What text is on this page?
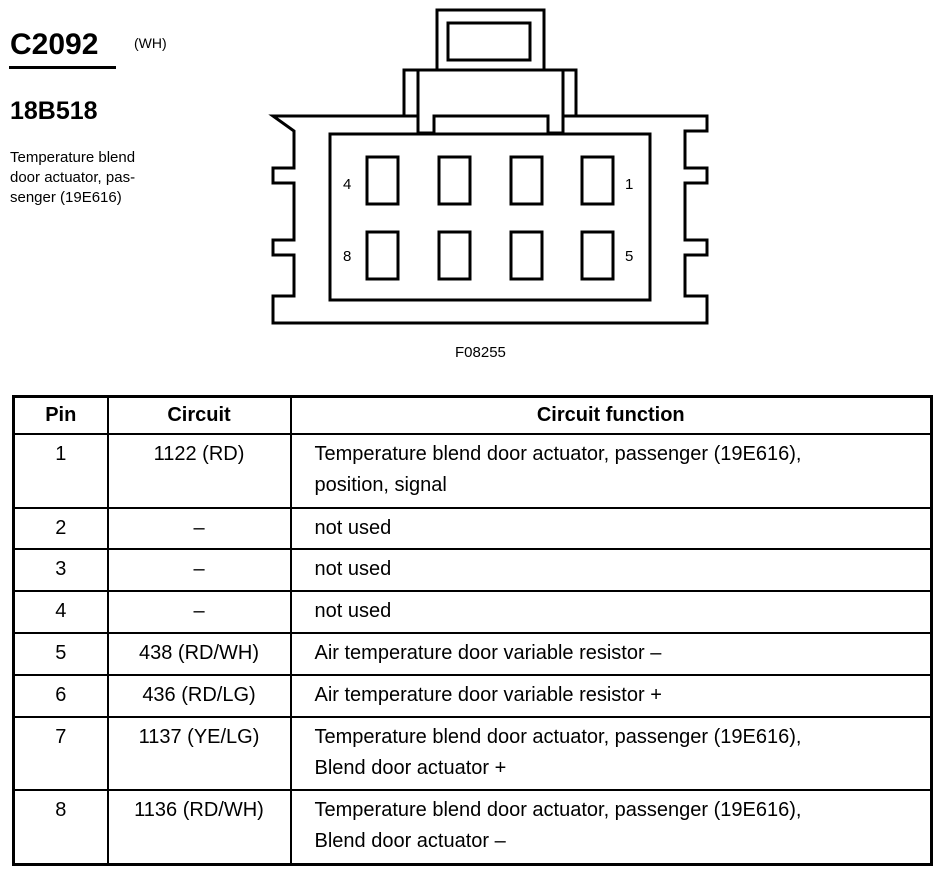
C2092	(WH)
18B518
Temperature blend
door actuator, pas-
senger (19E616)
4	1
8	5
F08255
Pin	Circuit	Circuit function
1	1122 (RD)	Temperature blend door actuator, passenger (19E616),
position, signal
2	–	not used
3	–	not used
4	–	not used
5	438 (RD/WH)	Air temperature door variable resistor –
6	436 (RD/LG)	Air temperature door variable resistor +
7	1137 (YE/LG)	Temperature blend door actuator, passenger (19E616),
Blend door actuator +
8	1136 (RD/WH)	Temperature blend door actuator, passenger (19E616),
Blend door actuator –
